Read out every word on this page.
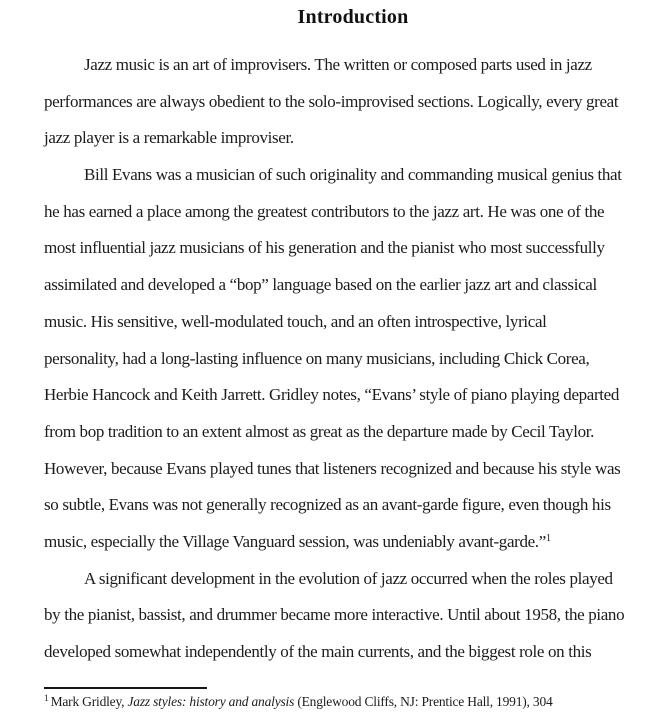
Introduction
Jazz music is an art of improvisers. The written or composed parts used in jazz
performances are always obedient to the solo-improvised sections. Logically, every great
jazz player is a remarkable improviser.
Bill Evans was a musician of such originality and commanding musical genius that
he has earned a place among the greatest contributors to the jazz art. He was one of the
most influential jazz musicians of his generation and the pianist who most successfully
assimilated and developed a “bop” language based on the earlier jazz art and classical
music. His sensitive, well-modulated touch, and an often introspective, lyrical
personality, had a long-lasting influence on many musicians, including Chick Corea,
Herbie Hancock and Keith Jarrett. Gridley notes, “Evans’ style of piano playing departed
from bop tradition to an extent almost as great as the departure made by Cecil Taylor.
However, because Evans played tunes that listeners recognized and because his style was
so subtle, Evans was not generally recognized as an avant-garde figure, even though his
music, especially the Village Vanguard session, was undeniably avant-garde.”$^1$
A significant development in the evolution of jazz occurred when the roles played
by the pianist, bassist, and drummer became more interactive. Until about 1958, the piano
developed somewhat independently of the main currents, and the biggest role on this
$^1$ Mark Gridley, Jazz styles: history and analysis (Englewood Cliffs, NJ: Prentice Hall, 1991), 304
